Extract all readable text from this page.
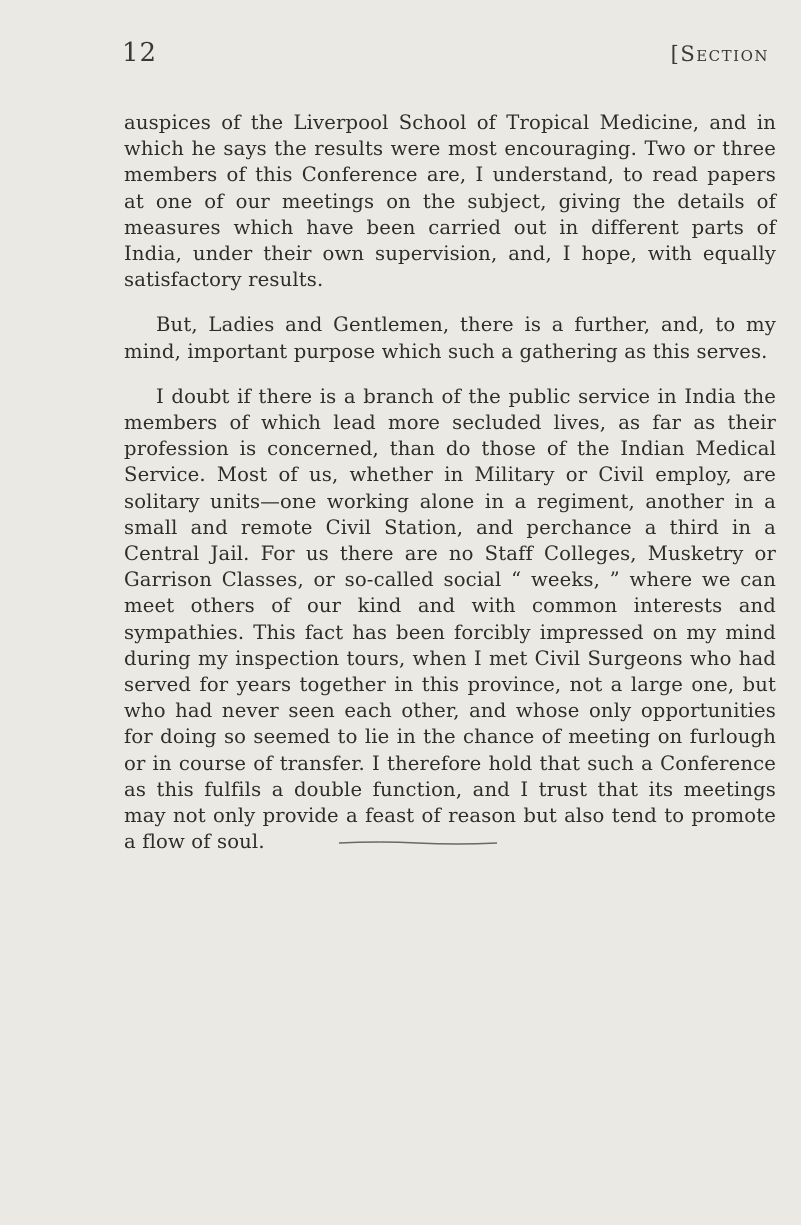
12	[Section

auspices of the Liverpool School of Tropical Medicine, and in which he says the results were most encouraging. Two or three members of this Conference are, I understand, to read papers at one of our meetings on the subject, giving the details of measures which have been carried out in different parts of India, under their own supervision, and, I hope, with equally satisfactory results.

But, Ladies and Gentlemen, there is a further, and, to my mind, important purpose which such a gathering as this serves.

I doubt if there is a branch of the public service in India the members of which lead more secluded lives, as far as their profession is concerned, than do those of the Indian Medical Service. Most of us, whether in Military or Civil employ, are solitary units—one working alone in a regiment, another in a small and remote Civil Station, and perchance a third in a Central Jail. For us there are no Staff Colleges, Musketry or Garrison Classes, or so-called social “ weeks, ” where we can meet others of our kind and with common interests and sympathies. This fact has been forcibly impressed on my mind during my inspection tours, when I met Civil Surgeons who had served for years together in this province, not a large one, but who had never seen each other, and whose only opportunities for doing so seemed to lie in the chance of meeting on furlough or in course of transfer. I therefore hold that such a Conference as this fulfils a double function, and I trust that its meetings may not only provide a feast of reason but also tend to promote a flow of soul.
